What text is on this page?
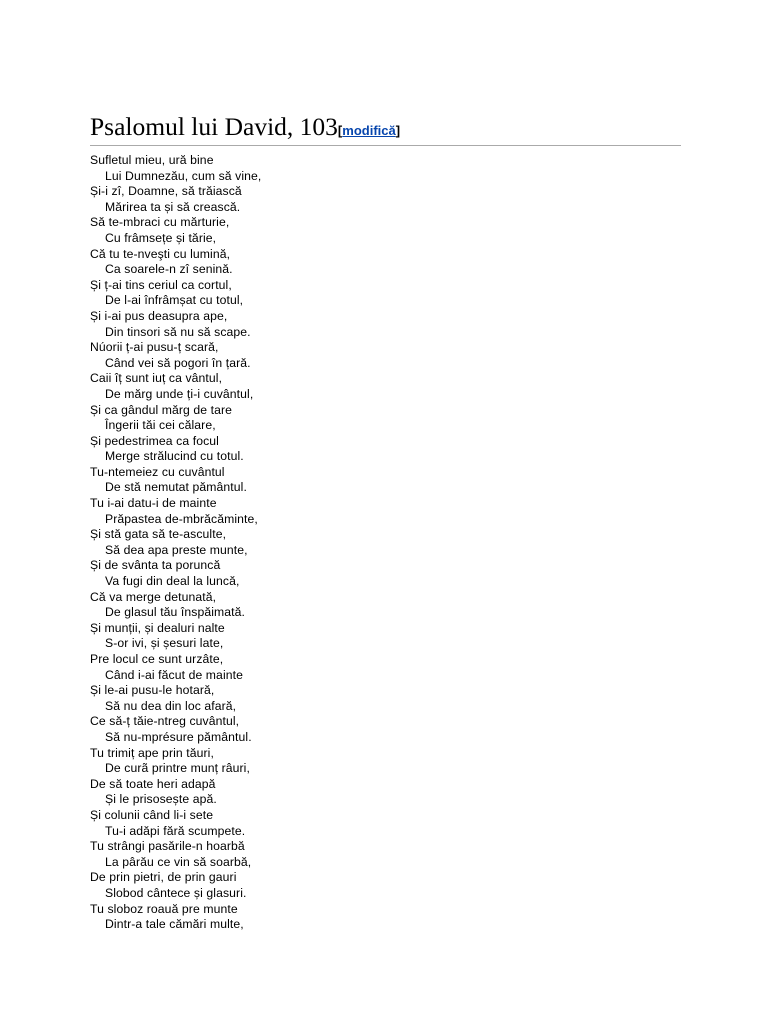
Psalomul lui David, 103[modifică]
Sufletul mieu, ură bine
Lui Dumnezău, cum să vine,
Și-i zî, Doamne, să trăiască
Mărirea ta și să crească.
Să te-mbraci cu mărturie,
Cu frâmsețe și tărie,
Că tu te-nveşti cu lumină,
Ca soarele-n zî senină.
Și ț-ai tins ceriul ca cortul,
De l-ai înfrâmșat cu totul,
Și i-ai pus deasupra ape,
Din tinsori să nu să scape.
Núorii ț-ai pusu-ț scară,
Când vei să pogori în țară.
Caii îț sunt iuț ca vântul,
De mărg unde ți-i cuvântul,
Și ca gândul mărg de tare
Îngerii tăi cei călare,
Și pedestrimea ca focul
Merge strălucind cu totul.
Tu-ntemeiez cu cuvântul
De stă nemutat pământul.
Tu i-ai datu-i de mainte
Prăpastea de-mbrăcăminte,
Și stă gata să te-asculte,
Să dea apa preste munte,
Și de svânta ta poruncă
Va fugi din deal la luncă,
Că va merge detunată,
De glasul tău înspăimată.
Și munții, și dealuri nalte
S-or ivi, și șesuri late,
Pre locul ce sunt urzâte,
Când i-ai făcut de mainte
Și le-ai pusu-le hotară,
Să nu dea din loc afară,
Ce să-ț tăie-ntreg cuvântul,
Să nu-mprésure pământul.
Tu trimiț ape prin tăuri,
De curã printre munț râuri,
De să toate heri adapă
Și le prisosește apă.
Și colunii când li-i sete
Tu-i adăpi fără scumpete.
Tu strângi pasările-n hoarbă
La pârău ce vin să soarbă,
De prin pietri, de prin gauri
Slobod cântece și glasuri.
Tu sloboz roauă pre munte
Dintr-a tale cămări multe,
